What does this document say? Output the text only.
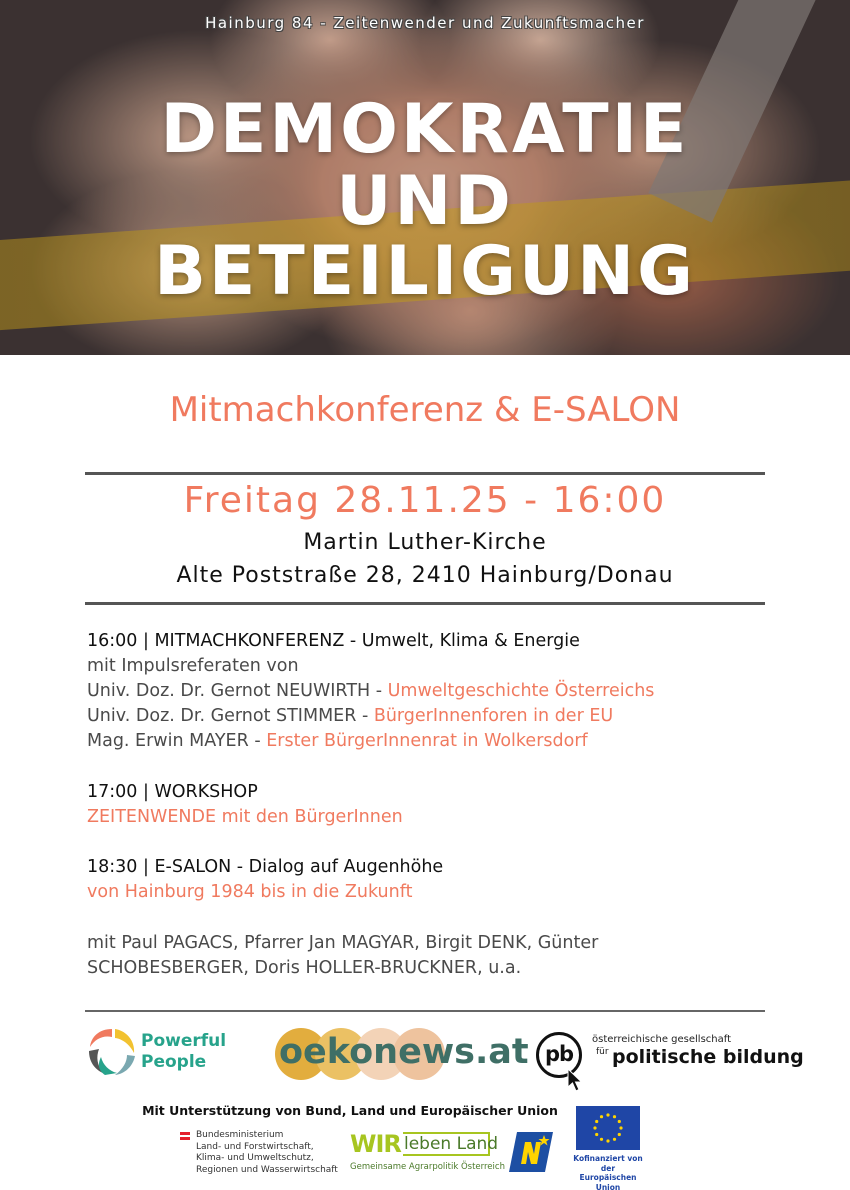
Hainburg 84 - Zeitenwender und Zukunftsmacher
DEMOKRATIE
UND
BETEILIGUNG
Mitmachkonferenz & E-SALON
Freitag 28.11.25 - 16:00
Martin Luther-Kirche
Alte Poststraße 28, 2410 Hainburg/Donau
16:00 | MITMACHKONFERENZ - Umwelt, Klima & Energie
mit Impulsreferaten von
Univ. Doz. Dr. Gernot NEUWIRTH - Umweltgeschichte Österreichs
Univ. Doz. Dr. Gernot STIMMER - BürgerInnenforen in der EU
Mag. Erwin MAYER - Erster BürgerInnenrat in Wolkersdorf
17:00 | WORKSHOP
ZEITENWENDE mit den BürgerInnen
18:30 | E-SALON - Dialog auf Augenhöhe
von Hainburg 1984 bis in die Zukunft
mit Paul PAGACS, Pfarrer Jan MAGYAR, Birgit DENK, Günter
SCHOBESBERGER, Doris HOLLER-BRUCKNER, u.a.
Powerful
People	oekonews.at pb
österreichische gesellschaft
für politische bildung
Mit Unterstützung von Bund, Land und Europäischer Union
Bundesministerium
Land- und Forstwirtschaft,
Klima- und Umweltschutz,
Regionen und Wasserwirtschaft
WIR leben Land
Gemeinsame Agrarpolitik Österreich
Kofinanziert von der
Europäischen Union
